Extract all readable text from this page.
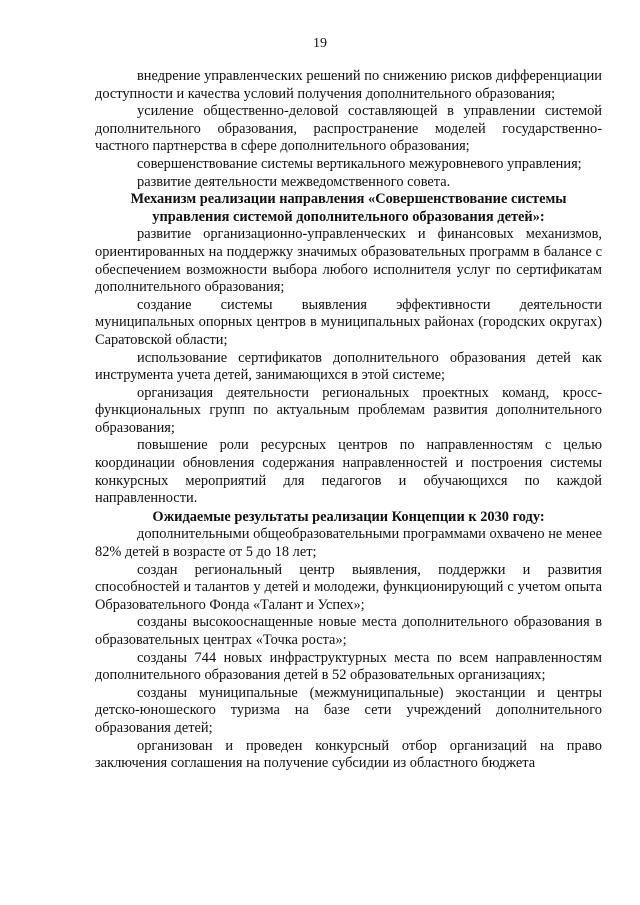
19

внедрение управленческих решений по снижению рисков дифференциации доступности и качества условий получения дополнительного образования;

усиление общественно-деловой составляющей в управлении системой дополнительного образования, распространение моделей государственно-частного партнерства в сфере дополнительного образования;

совершенствование системы вертикального межуровневого управления;

развитие деятельности межведомственного совета.

Механизм реализации направления «Совершенствование системы управления системой дополнительного образования детей»:

развитие организационно-управленческих и финансовых механизмов, ориентированных на поддержку значимых образовательных программ в балансе с обеспечением возможности выбора любого исполнителя услуг по сертификатам дополнительного образования;

создание системы выявления эффективности деятельности муниципальных опорных центров в муниципальных районах (городских округах) Саратовской области;

использование сертификатов дополнительного образования детей как инструмента учета детей, занимающихся в этой системе;

организация деятельности региональных проектных команд, кросс-функциональных групп по актуальным проблемам развития дополнительного образования;

повышение роли ресурсных центров по направленностям с целью координации обновления содержания направленностей и построения системы конкурсных мероприятий для педагогов и обучающихся по каждой направленности.

Ожидаемые результаты реализации Концепции к 2030 году:

дополнительными общеобразовательными программами охвачено не менее 82% детей в возрасте от 5 до 18 лет;

создан региональный центр выявления, поддержки и развития способностей и талантов у детей и молодежи, функционирующий с учетом опыта Образовательного Фонда «Талант и Успех»;

созданы высокооснащенные новые места дополнительного образования в образовательных центрах «Точка роста»;

созданы 744 новых инфраструктурных места по всем направленностям дополнительного образования детей в 52 образовательных организациях;

созданы муниципальные (межмуниципальные) экостанции и центры детско-юношеского туризма на базе сети учреждений дополнительного образования детей;

организован и проведен конкурсный отбор организаций на право заключения соглашения на получение субсидии из областного бюджета
